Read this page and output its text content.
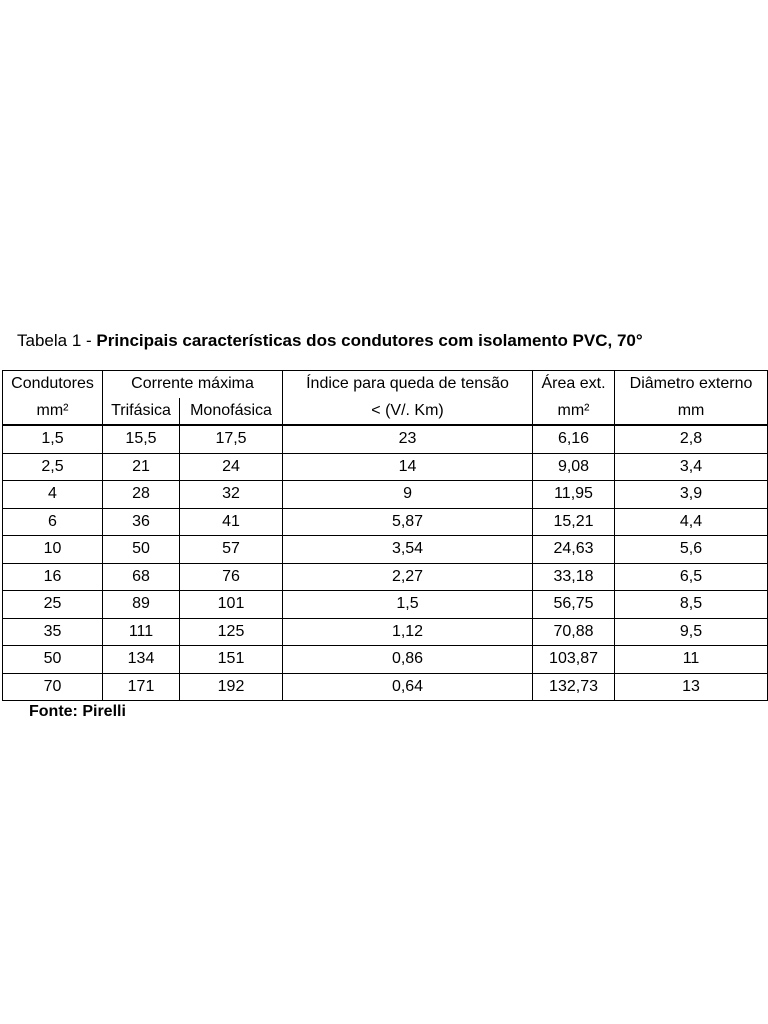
Tabela 1 - Principais características dos condutores com isolamento PVC, 70°
Condutores	Corrente máxima		Índice para queda de tensão	Área ext.	Diâmetro externo
mm²	Trifásica	Monofásica	< (V/. Km)	mm²	mm
1,5	15,5	17,5	23	6,16	2,8
2,5	21	24	14	9,08	3,4
4	28	32	9	11,95	3,9
6	36	41	5,87	15,21	4,4
10	50	57	3,54	24,63	5,6
16	68	76	2,27	33,18	6,5
25	89	101	1,5	56,75	8,5
35	111	125	1,12	70,88	9,5
50	134	151	0,86	103,87	11
70	171	192	0,64	132,73	13
Fonte: Pirelli
